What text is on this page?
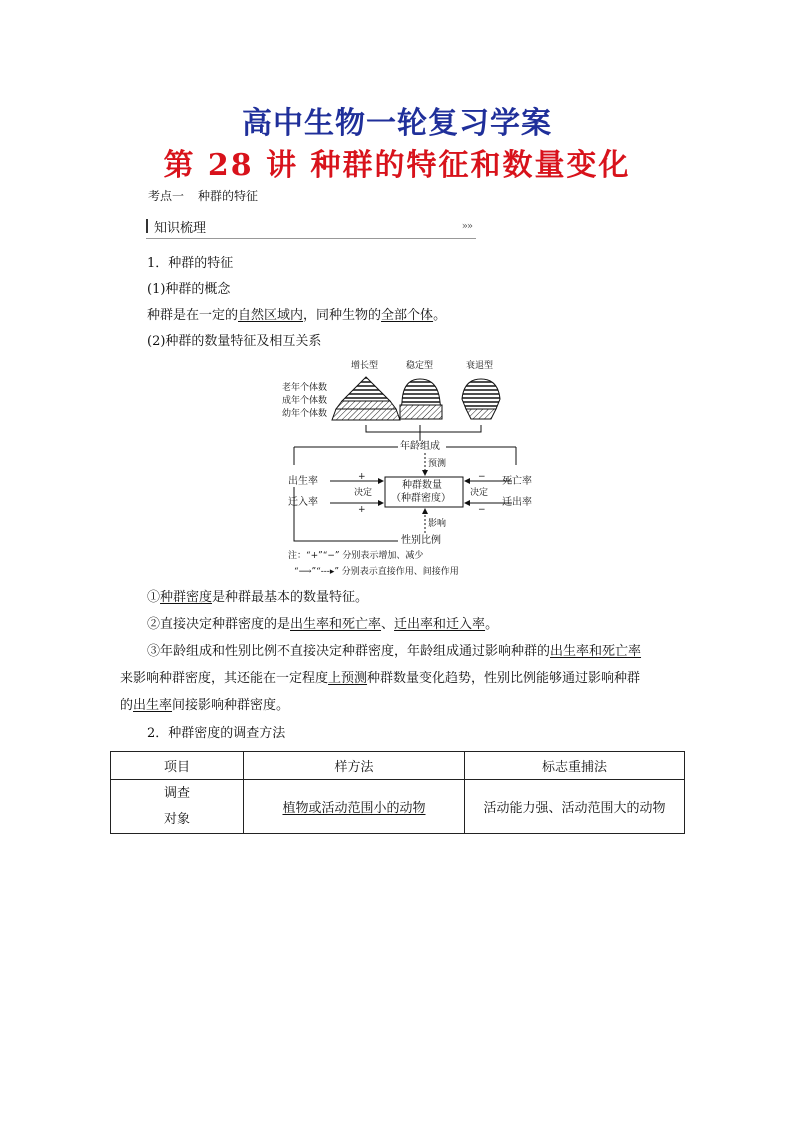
高中生物一轮复习学案
第 28 讲 种群的特征和数量变化
考点一 种群的特征
知识梳理	»»
1．种群的特征
(1)种群的概念
种群是在一定的自然区域内，同种生物的全部个体。
(2)种群的数量特征及相互关系
增长型	稳定型	衰退型
老年个体数
成年个体数
幼年个体数
年龄组成
预测
出生率
迁入率
死亡率
迁出率
+
决定
+
−
决定
−
种群数量
（种群密度）
影响
性别比例
注：“+”“−” 分别表示增加、减少
“⟶”“‐‐‐▸” 分别表示直接作用、间接作用
①种群密度是种群最基本的数量特征。
②直接决定种群密度的是出生率和死亡率、迁出率和迁入率。
③年龄组成和性别比例不直接决定种群密度，年龄组成通过影响种群的出生率和死亡率
来影响种群密度，其还能在一定程度上预测种群数量变化趋势，性别比例能够通过影响种群
的出生率间接影响种群密度。
2．种群密度的调查方法
项目	样方法	标志重捕法

调查
对象	植物或活动范围小的动物	活动能力强、活动范围大的动物
